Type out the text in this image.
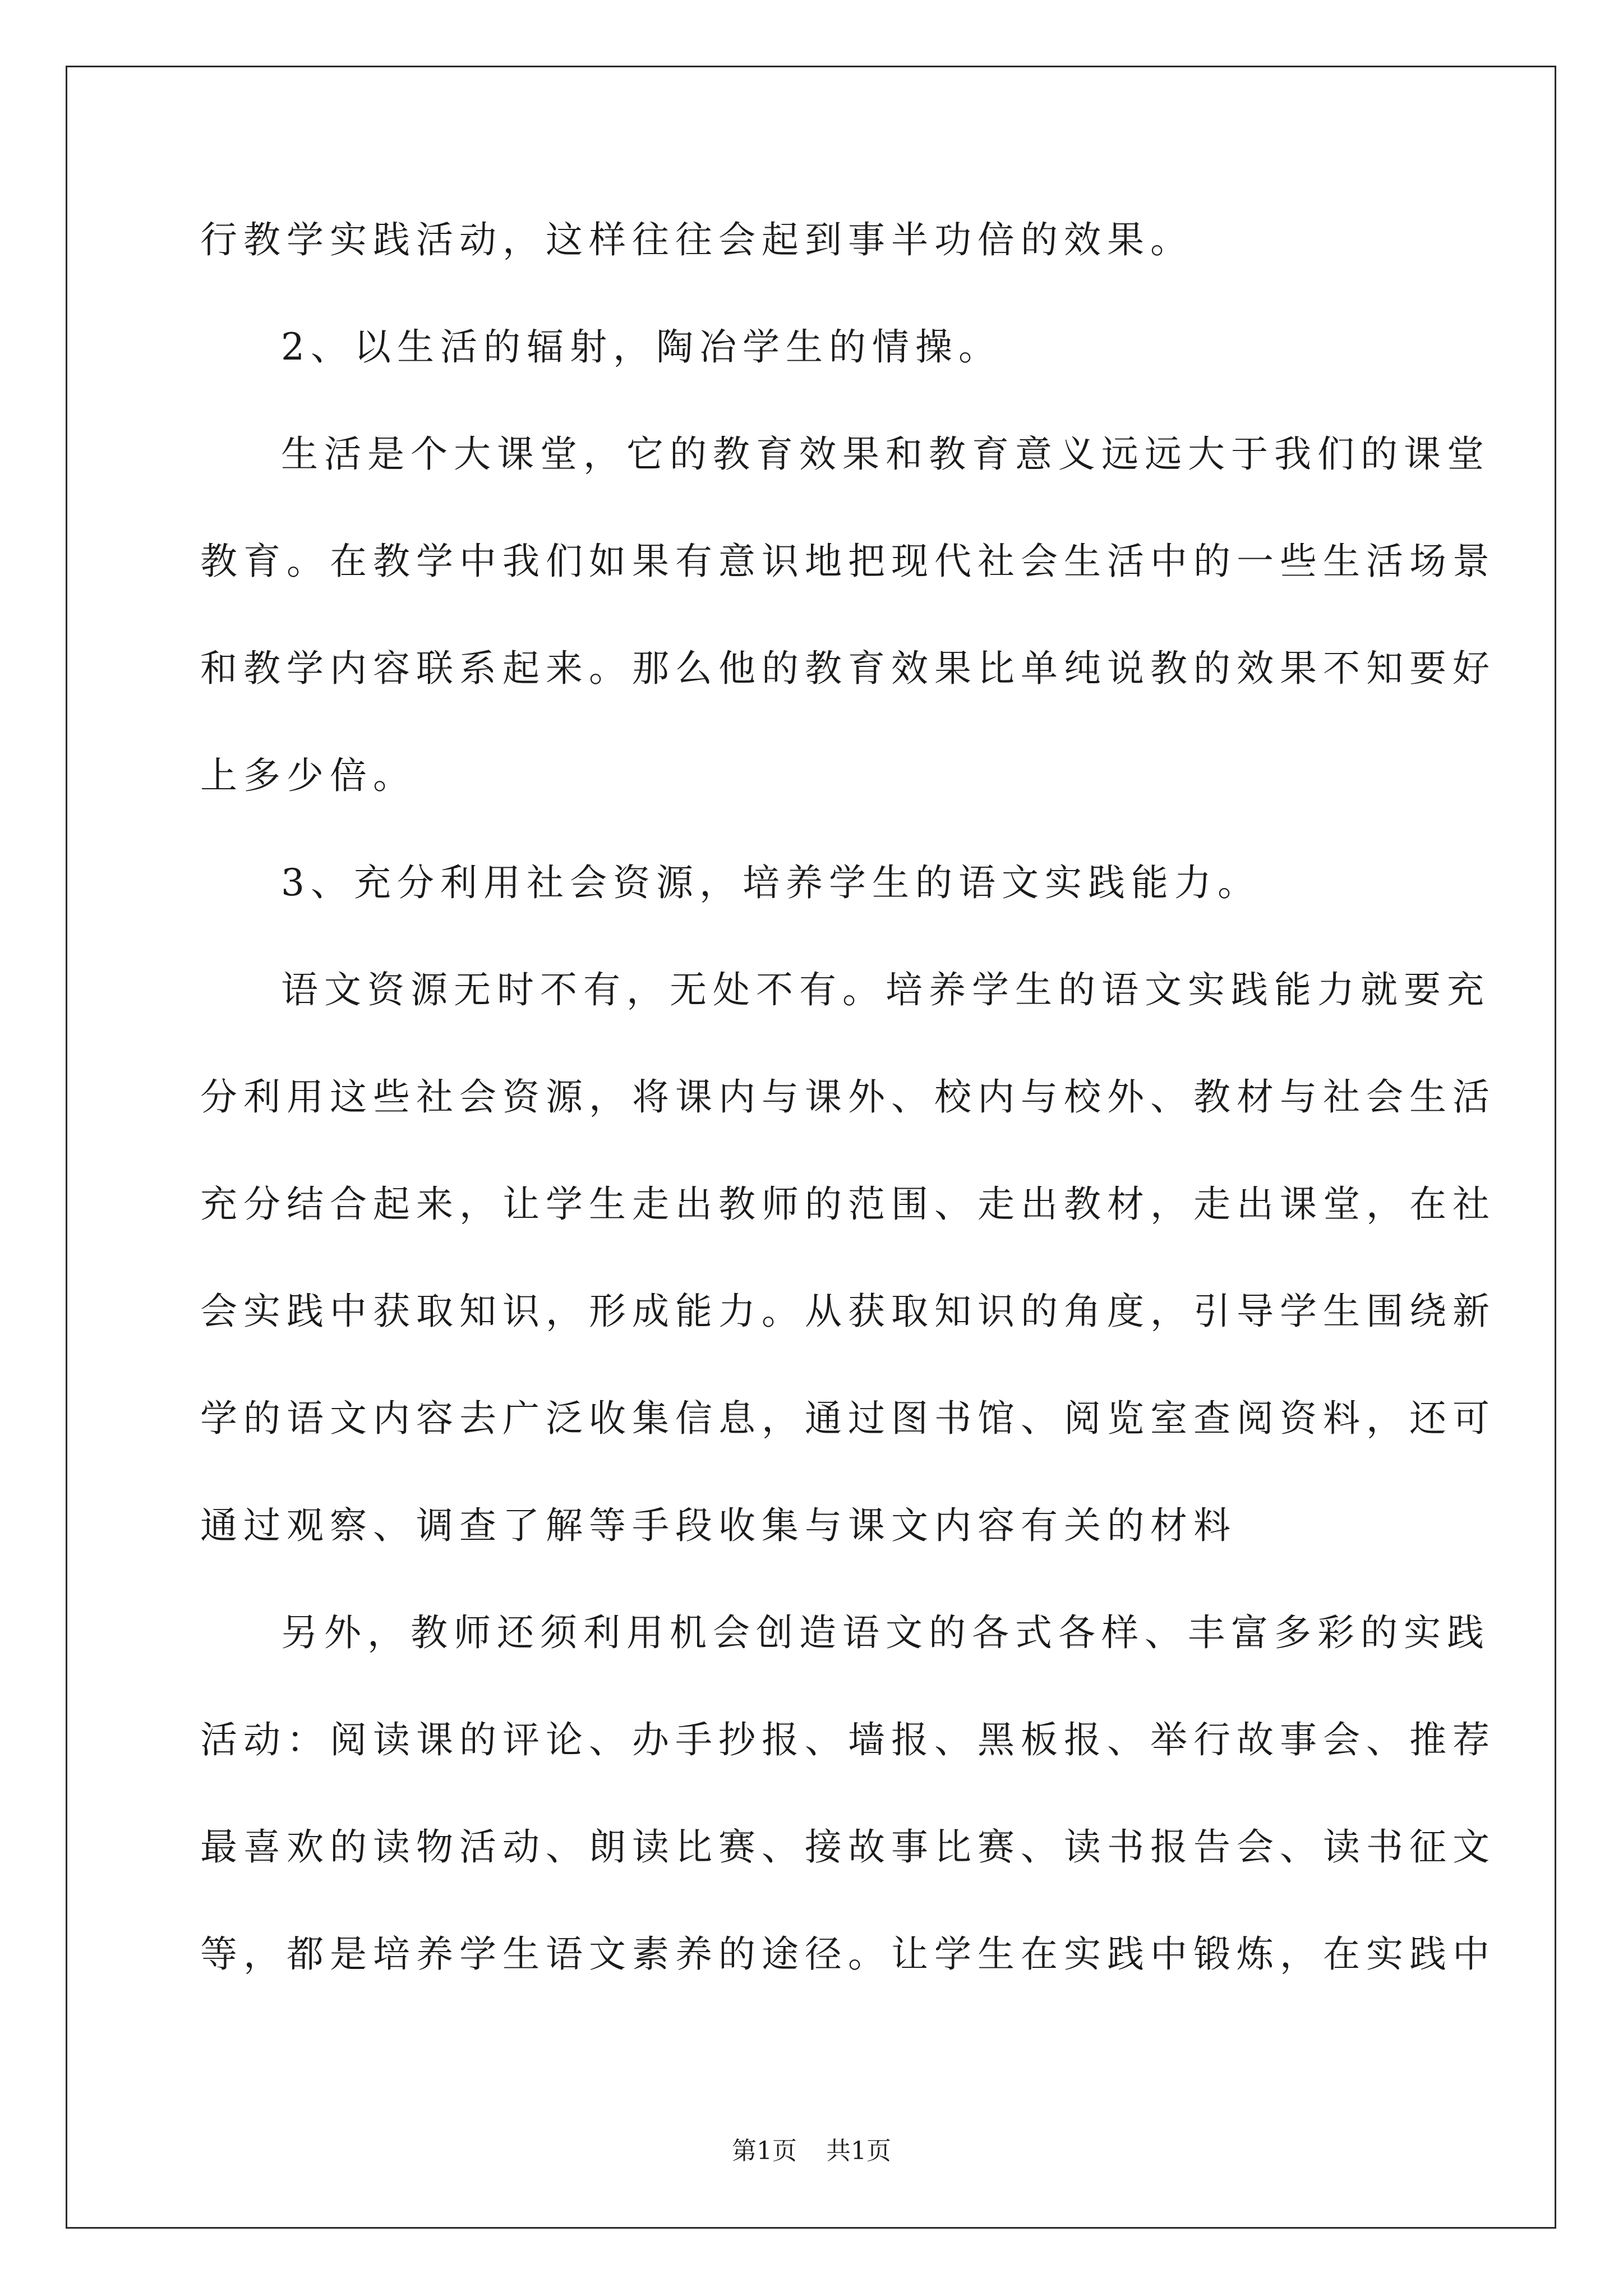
行教学实践活动，这样往往会起到事半功倍的效果。
2、以生活的辐射，陶冶学生的情操。
生活是个大课堂，它的教育效果和教育意义远远大于我们的课堂
教育。在教学中我们如果有意识地把现代社会生活中的一些生活场景
和教学内容联系起来。那么他的教育效果比单纯说教的效果不知要好
上多少倍。
3、充分利用社会资源，培养学生的语文实践能力。
语文资源无时不有，无处不有。培养学生的语文实践能力就要充
分利用这些社会资源，将课内与课外、校内与校外、教材与社会生活
充分结合起来，让学生走出教师的范围、走出教材，走出课堂，在社
会实践中获取知识，形成能力。从获取知识的角度，引导学生围绕新
学的语文内容去广泛收集信息，通过图书馆、阅览室查阅资料，还可
通过观察、调查了解等手段收集与课文内容有关的材料
另外，教师还须利用机会创造语文的各式各样、丰富多彩的实践
活动：阅读课的评论、办手抄报、墙报、黑板报、举行故事会、推荐
最喜欢的读物活动、朗读比赛、接故事比赛、读书报告会、读书征文
等，都是培养学生语文素养的途径。让学生在实践中锻炼，在实践中
第1页 共1页
